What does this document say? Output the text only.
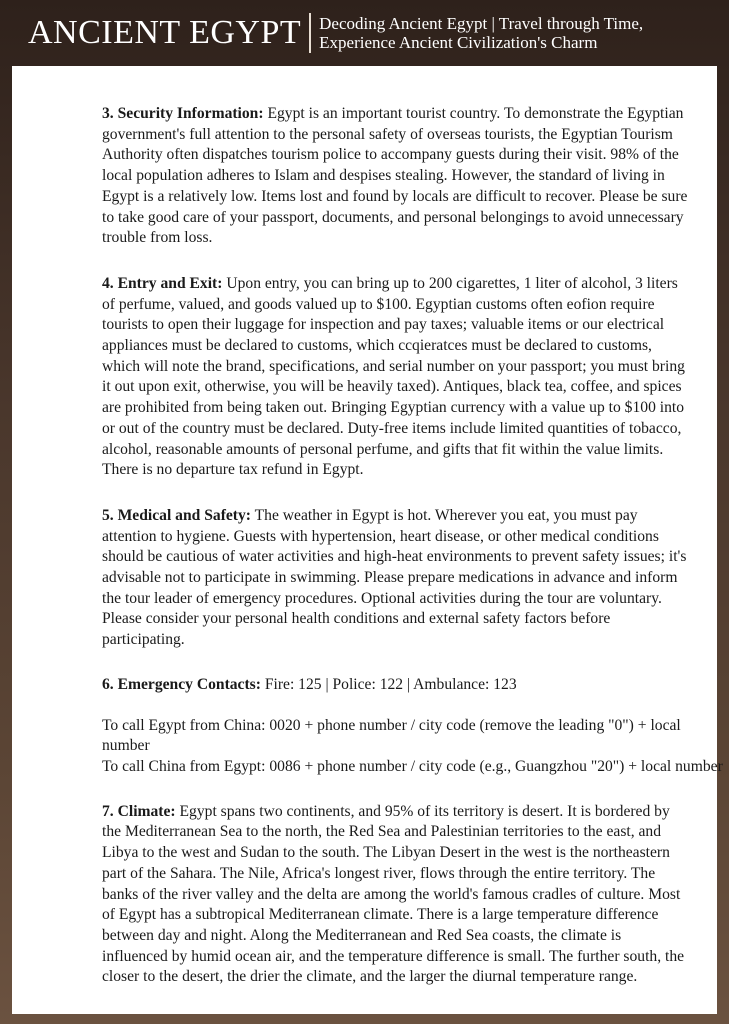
ANCIENT EGYPT Decoding Ancient Egypt | Travel through Time,
Experience Ancient Civilization's Charm

3. Security Information: Egypt is an important tourist country. To demonstrate the Egyptian government's full attention to the personal safety of overseas tourists, the Egyptian Tourism Authority often dispatches tourism police to accompany guests during their visit. 98% of the local population adheres to Islam and despises stealing. However, the standard of living in Egypt is a relatively low. Items lost and found by locals are difficult to recover. Please be sure to take good care of your passport, documents, and personal belongings to avoid unnecessary trouble from loss.

4. Entry and Exit: Upon entry, you can bring up to 200 cigarettes, 1 liter of alcohol, 3 liters of perfume, valued, and goods valued up to $100. Egyptian customs often eofion require tourists to open their luggage for inspection and pay taxes; valuable items or our electrical appliances must be declared to customs, which ccqieratces must be declared to customs, which will note the brand, specifications, and serial number on your passport; you must bring it out upon exit, otherwise, you will be heavily taxed). Antiques, black tea, coffee, and spices are prohibited from being taken out. Bringing Egyptian currency with a value up to $100 into or out of the country must be declared. Duty-free items include limited quantities of tobacco, alcohol, reasonable amounts of personal perfume, and gifts that fit within the value limits. There is no departure tax refund in Egypt.

5. Medical and Safety: The weather in Egypt is hot. Wherever you eat, you must pay attention to hygiene. Guests with hypertension, heart disease, or other medical conditions should be cautious of water activities and high-heat environments to prevent safety issues; it's advisable not to participate in swimming. Please prepare medications in advance and inform the tour leader of emergency procedures. Optional activities during the tour are voluntary. Please consider your personal health conditions and external safety factors before participating.

6. Emergency Contacts: Fire: 125 | Police: 122 | Ambulance: 123

To call Egypt from China: 0020 + phone number / city code (remove the leading "0") + local number

To call China from Egypt: 0086 + phone number / city code (e.g., Guangzhou "20") + local number

7. Climate: Egypt spans two continents, and 95% of its territory is desert. It is bordered by the Mediterranean Sea to the north, the Red Sea and Palestinian territories to the east, and Libya to the west and Sudan to the south. The Libyan Desert in the west is the northeastern part of the Sahara. The Nile, Africa's longest river, flows through the entire territory. The banks of the river valley and the delta are among the world's famous cradles of culture. Most of Egypt has a subtropical Mediterranean climate. There is a large temperature difference between day and night. Along the Mediterranean and Red Sea coasts, the climate is influenced by humid ocean air, and the temperature difference is small. The further south, the closer to the desert, the drier the climate, and the larger the diurnal temperature range.
